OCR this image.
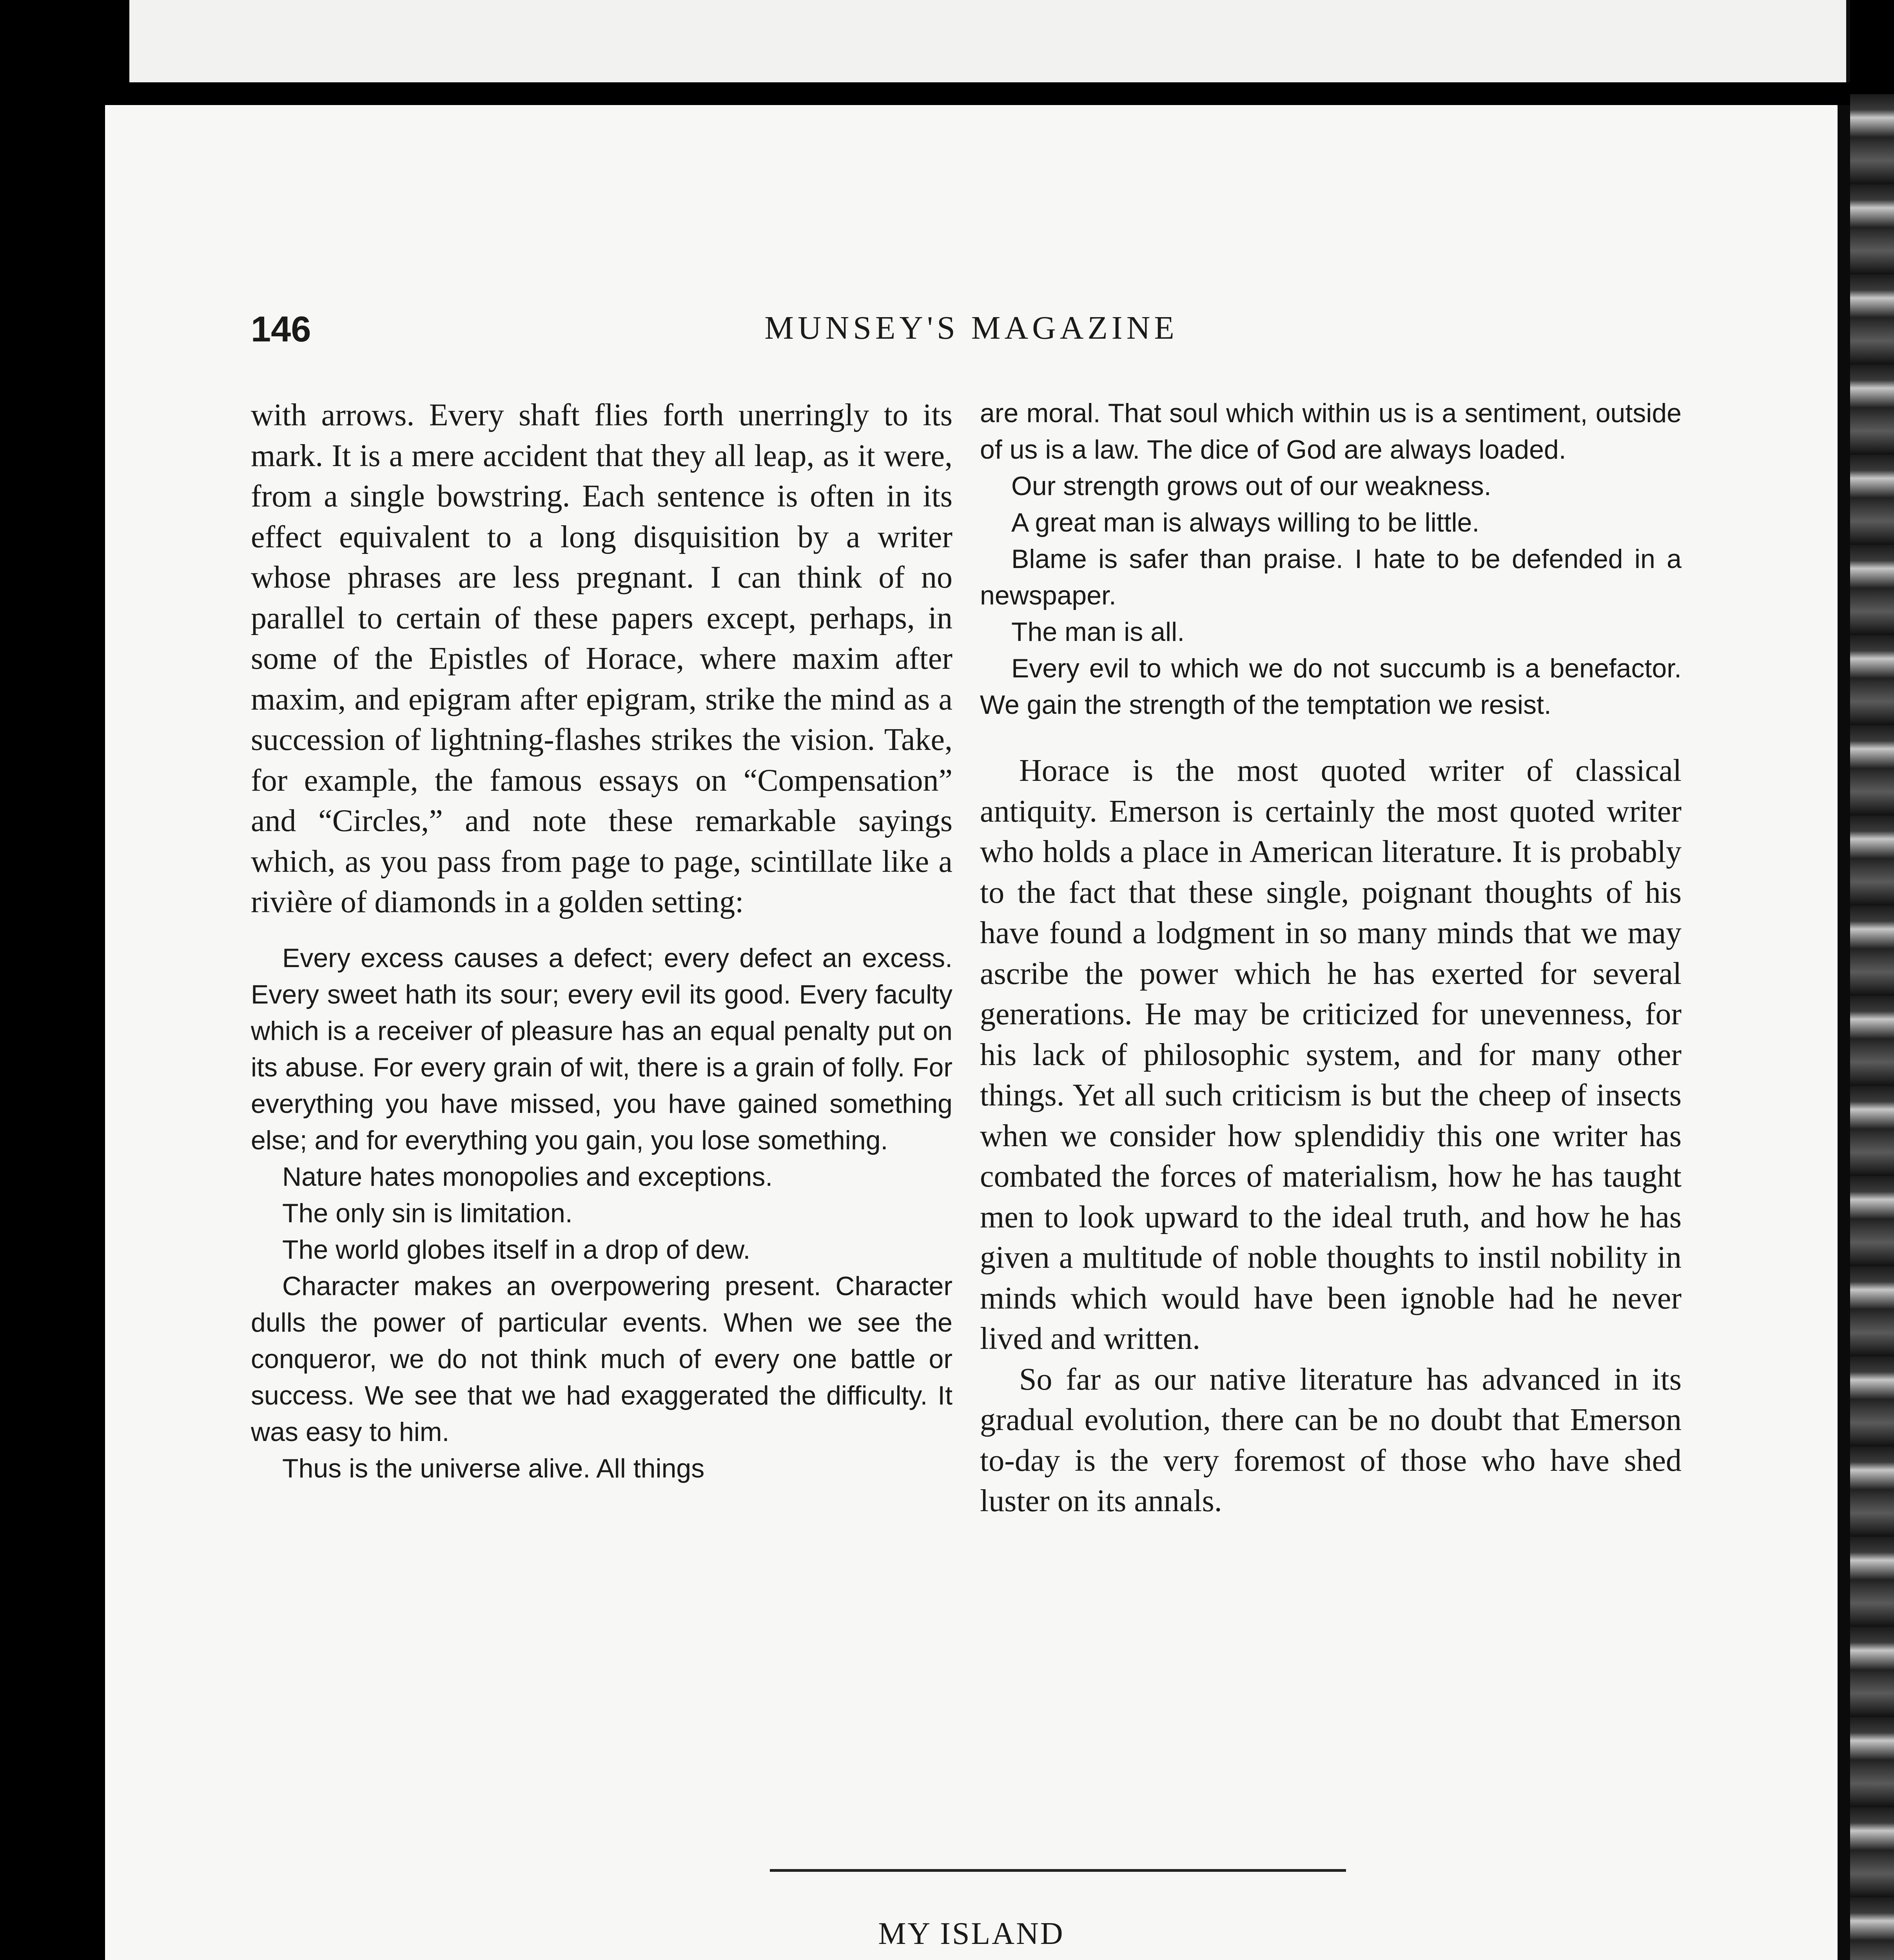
146	MUNSEY'S MAGAZINE

with arrows. Every shaft flies forth unerringly to its mark. It is a mere accident that they all leap, as it were, from a single bowstring. Each sentence is often in its effect equivalent to a long disquisition by a writer whose phrases are less pregnant. I can think of no parallel to certain of these papers except, perhaps, in some of the Epistles of Horace, where maxim after maxim, and epigram after epigram, strike the mind as a succession of lightning-flashes strikes the vision. Take, for example, the famous essays on “Compensation” and “Circles,” and note these remarkable sayings which, as you pass from page to page, scintillate like a rivière of diamonds in a golden setting:

Every excess causes a defect; every defect an excess. Every sweet hath its sour; every evil its good. Every faculty which is a receiver of pleasure has an equal penalty put on its abuse. For every grain of wit, there is a grain of folly. For everything you have missed, you have gained something else; and for everything you gain, you lose something.
Nature hates monopolies and exceptions.
The only sin is limitation.
The world globes itself in a drop of dew.
Character makes an overpowering present. Character dulls the power of particular events. When we see the conqueror, we do not think much of every one battle or success. We see that we had exaggerated the difficulty. It was easy to him.
Thus is the universe alive. All things
are moral. That soul which within us is a sentiment, outside of us is a law. The dice of God are always loaded.
Our strength grows out of our weakness.
A great man is always willing to be little.
Blame is safer than praise. I hate to be defended in a newspaper.
The man is all.
Every evil to which we do not succumb is a benefactor. We gain the strength of the temptation we resist.

Horace is the most quoted writer of classical antiquity. Emerson is certainly the most quoted writer who holds a place in American literature. It is probably to the fact that these single, poignant thoughts of his have found a lodgment in so many minds that we may ascribe the power which he has exerted for several generations. He may be criticized for unevenness, for his lack of philosophic system, and for many other things. Yet all such criticism is but the cheep of insects when we consider how splendidiy this one writer has combated the forces of materialism, how he has taught men to look upward to the ideal truth, and how he has given a multitude of noble thoughts to instil nobility in minds which would have been ignoble had he never lived and written.

So far as our native literature has advanced in its gradual evolution, there can be no doubt that Emerson to-day is the very foremost of those who have shed luster on its annals.

MY ISLAND
